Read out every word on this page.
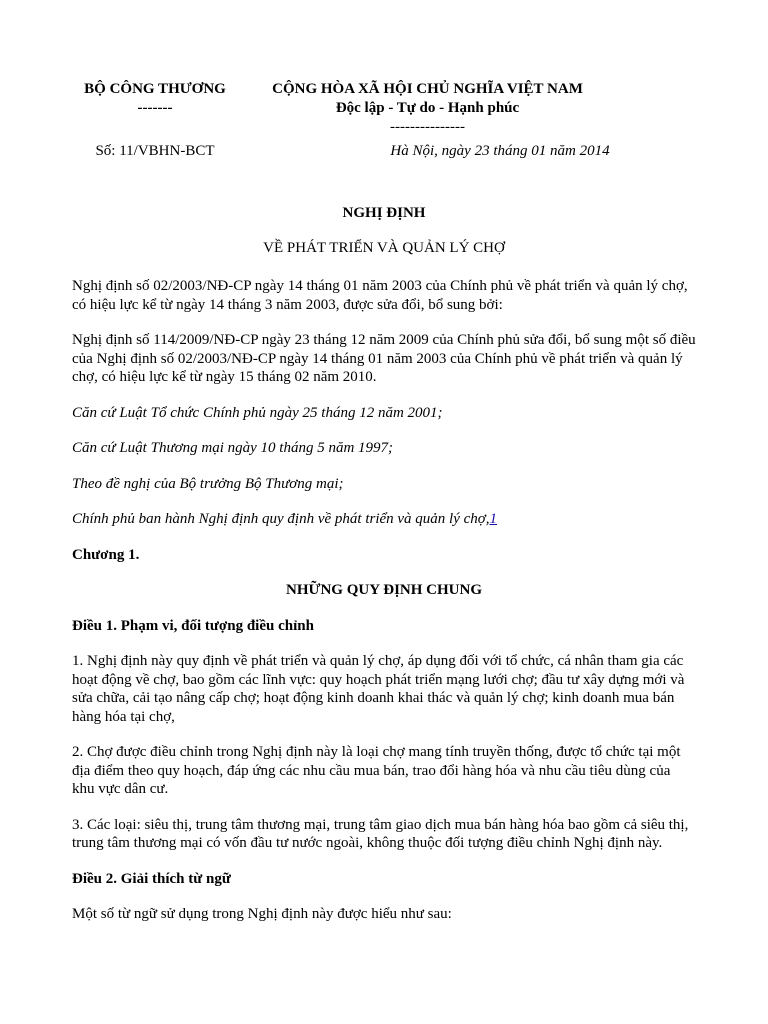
BỘ CÔNG THƯƠNG
-------
CỘNG HÒA XÃ HỘI CHỦ NGHĨA VIỆT NAM
Độc lập - Tự do - Hạnh phúc
---------------
Số: 11/VBHN-BCT	Hà Nội, ngày 23 tháng 01 năm 2014
NGHỊ ĐỊNH
VỀ PHÁT TRIỂN VÀ QUẢN LÝ CHỢ

Nghị định số 02/2003/NĐ-CP ngày 14 tháng 01 năm 2003 của Chính phủ về phát triển và quản lý chợ, có hiệu lực kể từ ngày 14 tháng 3 năm 2003, được sửa đổi, bổ sung bởi:

Nghị định số 114/2009/NĐ-CP ngày 23 tháng 12 năm 2009 của Chính phủ sửa đổi, bổ sung một số điều của Nghị định số 02/2003/NĐ-CP ngày 14 tháng 01 năm 2003 của Chính phủ về phát triển và quản lý chợ, có hiệu lực kể từ ngày 15 tháng 02 năm 2010.

Căn cứ Luật Tổ chức Chính phủ ngày 25 tháng 12 năm 2001;

Căn cứ Luật Thương mại ngày 10 tháng 5 năm 1997;

Theo đề nghị của Bộ trưởng Bộ Thương mại;

Chính phủ ban hành Nghị định quy định về phát triển và quản lý chợ,1

Chương 1.

NHỮNG QUY ĐỊNH CHUNG

Điều 1. Phạm vi, đối tượng điều chỉnh

1. Nghị định này quy định về phát triển và quản lý chợ, áp dụng đối với tổ chức, cá nhân tham gia các hoạt động về chợ, bao gồm các lĩnh vực: quy hoạch phát triển mạng lưới chợ; đầu tư xây dựng mới và sửa chữa, cải tạo nâng cấp chợ; hoạt động kinh doanh khai thác và quản lý chợ; kinh doanh mua bán hàng hóa tại chợ,

2. Chợ được điều chỉnh trong Nghị định này là loại chợ mang tính truyền thống, được tổ chức tại một địa điểm theo quy hoạch, đáp ứng các nhu cầu mua bán, trao đổi hàng hóa và nhu cầu tiêu dùng của khu vực dân cư.

3. Các loại: siêu thị, trung tâm thương mại, trung tâm giao dịch mua bán hàng hóa bao gồm cả siêu thị, trung tâm thương mại có vốn đầu tư nước ngoài, không thuộc đối tượng điều chỉnh Nghị định này.

Điều 2. Giải thích từ ngữ

Một số từ ngữ sử dụng trong Nghị định này được hiểu như sau:
